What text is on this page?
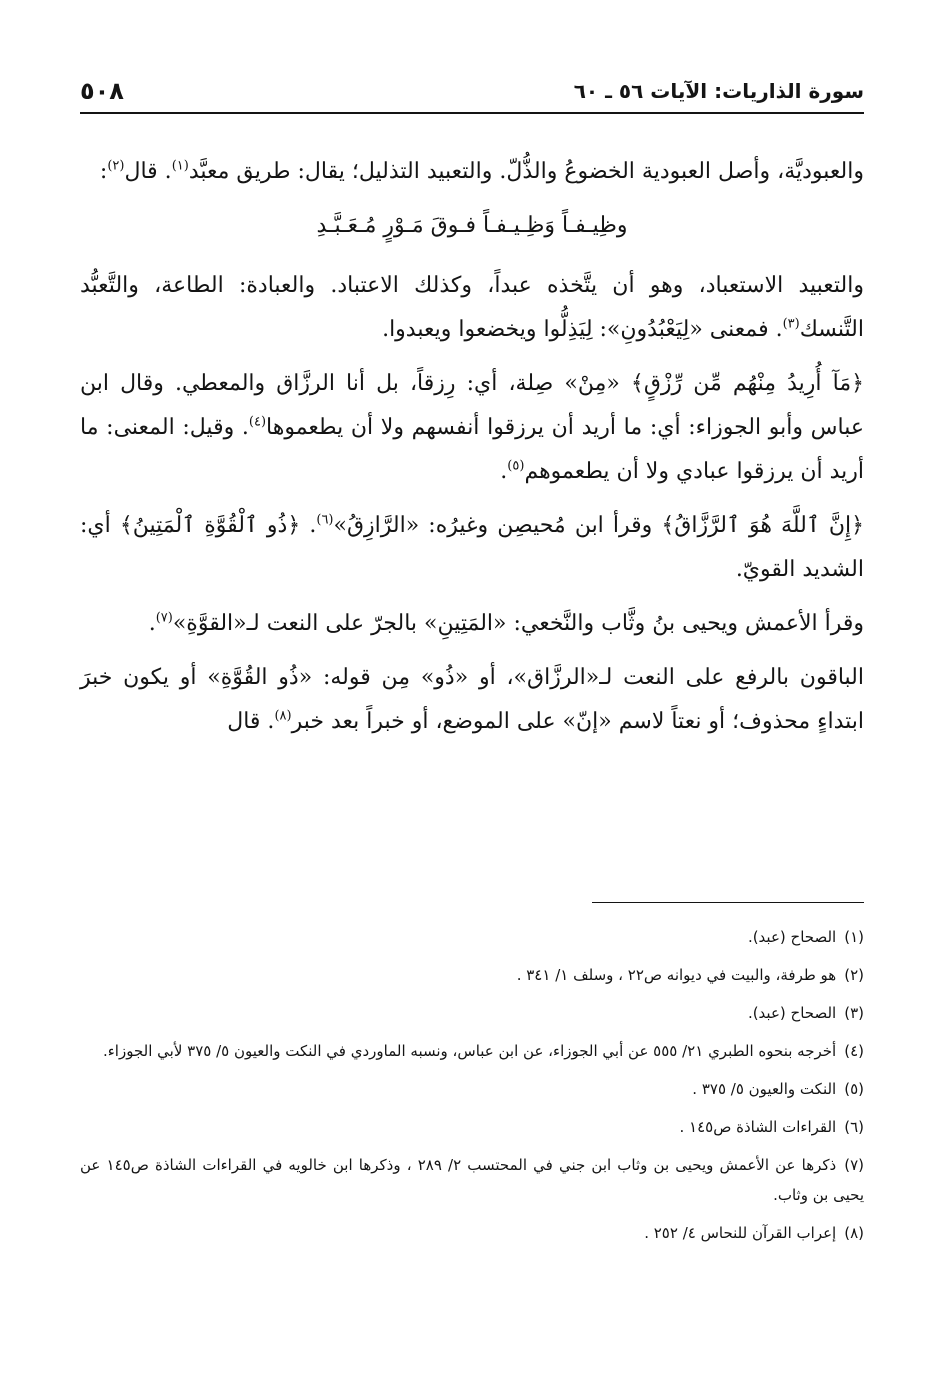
سورة الذاريات: الآيات ٥٦ ـ ٦٠
٥٠٨

والعبوديَّة، وأصل العبودية الخضوعُ والذُّلّ. والتعبيد التذليل؛ يقال: طريق معبَّد$^{(١)}$. قال$^{(٢)}$:

وظِيـفـاً وَظِـيـفـاً فـوقَ مَـوْرٍ مُـعَـبَّـدِ

والتعبيد الاستعباد، وهو أن يتَّخذه عبداً، وكذلك الاعتباد. والعبادة: الطاعة، والتَّعبُّد التَّنسك$^{(٣)}$. فمعنى «لِيَعْبُدُونِ»: لِيَذِلُّوا ويخضعوا ويعبدوا.

﴿مَآ أُرِيدُ مِنْهُم مِّن رِّزْقٍ﴾ «مِنْ» صِلة، أي: رِزقاً، بل أنا الرزَّاق والمعطي. وقال ابن عباس وأبو الجوزاء: أي: ما أريد أن يرزقوا أنفسهم ولا أن يطعموها$^{(٤)}$. وقيل: المعنى: ما أريد أن يرزقوا عبادي ولا أن يطعموهم$^{(٥)}$.

﴿إِنَّ ٱللَّهَ هُوَ ٱلرَّزَّاقُ﴾ وقرأ ابن مُحيصِن وغيرُه: «الرَّازِقُ»$^{(٦)}$. ﴿ذُو ٱلْقُوَّةِ ٱلْمَتِينُ﴾ أي: الشديد القويّ.

وقرأ الأعمش ويحيى بنُ وثَّاب والنَّخعي: «المَتِينِ» بالجرّ على النعت لـ«القوَّةِ»$^{(٧)}$.

الباقون بالرفع على النعت لـ«الرزَّاق»، أو «ذُو» مِن قوله: «ذُو القُوَّةِ» أو يكون خبرَ ابتداءٍ محذوف؛ أو نعتاً لاسم «إنّ» على الموضع، أو خبراً بعد خبر$^{(٨)}$. قال

(١)الصحاح (عبد).

(٢)هو طرفة، والبيت في ديوانه ص٢٢ ، وسلف ١/ ٣٤١ .

(٣)الصحاح (عبد).

(٤)أخرجه بنحوه الطبري ٢١/ ٥٥٥ عن أبي الجوزاء، عن ابن عباس، ونسبه الماوردي في النكت والعيون ٥/ ٣٧٥ لأبي الجوزاء.

(٥)النكت والعيون ٥/ ٣٧٥ .

(٦)القراءات الشاذة ص١٤٥ .

(٧)ذكرها عن الأعمش ويحيى بن وثاب ابن جني في المحتسب ٢/ ٢٨٩ ، وذكرها ابن خالويه في القراءات الشاذة ص١٤٥ عن يحيى بن وثاب.

(٨)إعراب القرآن للنحاس ٤/ ٢٥٢ .
